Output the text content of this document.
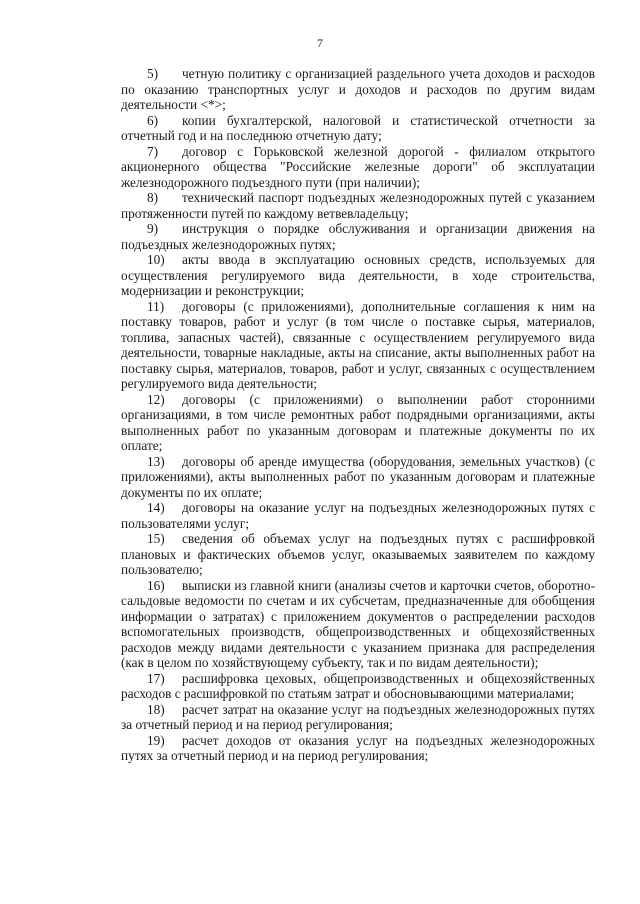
7

5) четную политику с организацией раздельного учета доходов и расходов по оказанию транспортных услуг и доходов и расходов по другим видам деятельности <*>;

6) копии бухгалтерской, налоговой и статистической отчетности за отчетный год и на последнюю отчетную дату;

7) договор с Горьковской железной дорогой - филиалом открытого акционерного общества "Российские железные дороги" об эксплуатации железнодорожного подъездного пути (при наличии);

8) технический паспорт подъездных железнодорожных путей с указанием протяженности путей по каждому ветвевладельцу;

9) инструкция о порядке обслуживания и организации движения на подъездных железнодорожных путях;

10) акты ввода в эксплуатацию основных средств, используемых для осуществления регулируемого вида деятельности, в ходе строительства, модернизации и реконструкции;

11) договоры (с приложениями), дополнительные соглашения к ним на поставку товаров, работ и услуг (в том числе о поставке сырья, материалов, топлива, запасных частей), связанные с осуществлением регулируемого вида деятельности, товарные накладные, акты на списание, акты выполненных работ на поставку сырья, материалов, товаров, работ и услуг, связанных с осуществлением регулируемого вида деятельности;

12) договоры (с приложениями) о выполнении работ сторонними организациями, в том числе ремонтных работ подрядными организациями, акты выполненных работ по указанным договорам и платежные документы по их оплате;

13) договоры об аренде имущества (оборудования, земельных участков) (с приложениями), акты выполненных работ по указанным договорам и платежные документы по их оплате;

14) договоры на оказание услуг на подъездных железнодорожных путях с пользователями услуг;

15) сведения об объемах услуг на подъездных путях с расшифровкой плановых и фактических объемов услуг, оказываемых заявителем по каждому пользователю;

16) выписки из главной книги (анализы счетов и карточки счетов, оборотно-сальдовые ведомости по счетам и их субсчетам, предназначенные для обобщения информации о затратах) с приложением документов о распределении расходов вспомогательных производств, общепроизводственных и общехозяйственных расходов между видами деятельности с указанием признака для распределения (как в целом по хозяйствующему субъекту, так и по видам деятельности);

17) расшифровка цеховых, общепроизводственных и общехозяйственных расходов с расшифровкой по статьям затрат и обосновывающими материалами;

18) расчет затрат на оказание услуг на подъездных железнодорожных путях за отчетный период и на период регулирования;

19) расчет доходов от оказания услуг на подъездных железнодорожных путях за отчетный период и на период регулирования;
